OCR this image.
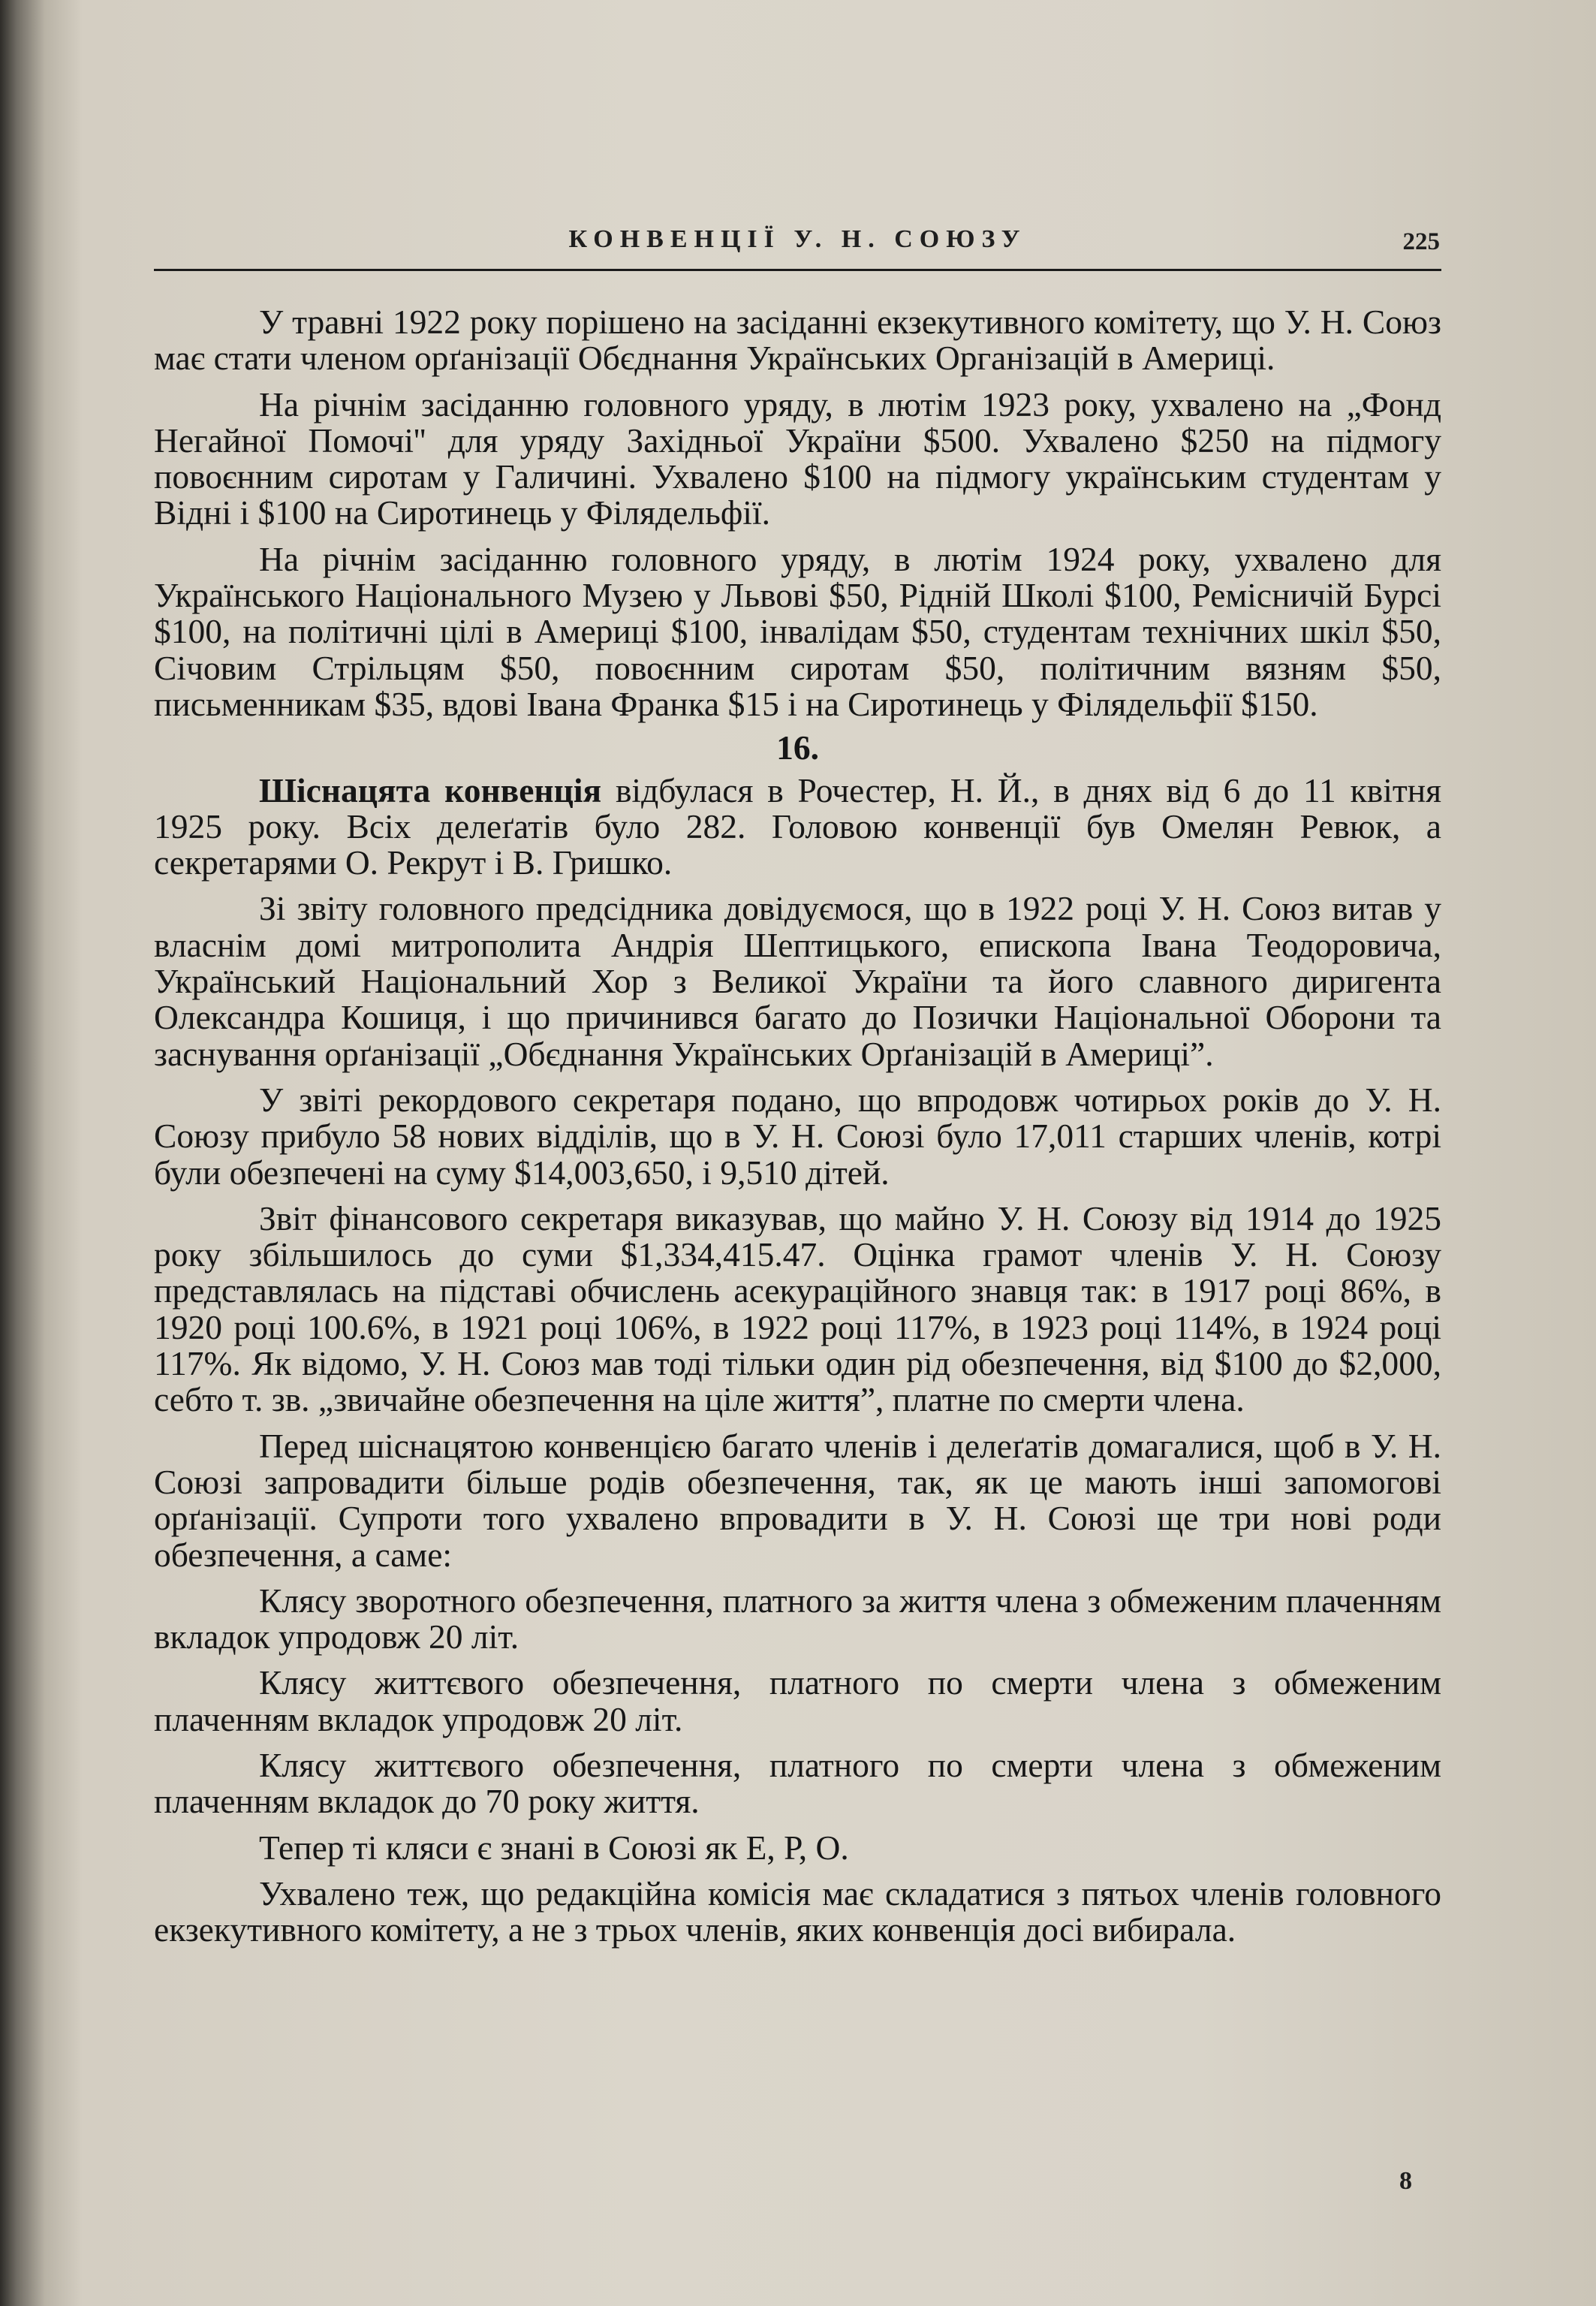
КОНВЕНЦІЇ У. Н. СОЮЗУ	225

У травні 1922 року порішено на засіданні екзекутивного комітету, що У. Н. Союз має стати членом орґанізації Обєднання Українських Організацій в Америці.

На річнім засіданню головного уряду, в лютім 1923 року, ухвалено на „Фонд Негайної Помочі'' для уряду Західньої України $500. Ухвалено $250 на підмогу повоєнним сиротам у Галичині. Ухвалено $100 на підмогу українським студентам у Відні і $100 на Сиротинець у Філядельфії.

На річнім засіданню головного уряду, в лютім 1924 року, ухвалено для Українського Національного Музею у Львові $50, Рідній Школі $100, Ремісничій Бурсі $100, на політичні цілі в Америці $100, інвалідам $50, студентам технічних шкіл $50, Січовим Стрільцям $50, повоєнним сиротам $50, політичним вязням $50, письменникам $35, вдові Івана Франка $15 і на Сиротинець у Філядельфії $150.

16.

Шіснацята конвенція відбулася в Рочестер, Н. Й., в днях від 6 до 11 квітня 1925 року. Всіх делеґатів було 282. Головою конвенції був Омелян Ревюк, а секретарями О. Рекрут і В. Гришко.

Зі звіту головного предсідника довідуємося, що в 1922 році У. Н. Союз витав у власнім домі митрополита Андрія Шептицького, епископа Івана Теодоровича, Український Національний Хор з Великої України та його славного диригента Олександра Кошиця, і що причинився багато до Позички Національної Оборони та заснування орґанізації „Обєднання Українських Орґанізацій в Америці”.

У звіті рекордового секретаря подано, що впродовж чотирьох років до У. Н. Союзу прибуло 58 нових відділів, що в У. Н. Союзі було 17,011 старших членів, котрі були обезпечені на суму $14,003,650, і 9,510 дітей.

Звіт фінансового секретаря виказував, що майно У. Н. Союзу від 1914 до 1925 року збільшилось до суми $1,334,415.47. Оцінка грамот членів У. Н. Союзу представлялась на підставі обчислень асекураційного знавця так: в 1917 році 86%, в 1920 році 100.6%, в 1921 році 106%, в 1922 році 117%, в 1923 році 114%, в 1924 році 117%. Як відомо, У. Н. Союз мав тоді тільки один рід обезпечення, від $100 до $2,000, себто т. зв. „звичайне обезпечення на ціле життя”, платне по смерти члена.

Перед шіснацятою конвенцією багато членів і делеґатів домагалися, щоб в У. Н. Союзі запровадити більше родів обезпечення, так, як це мають інші запомогові орґанізації. Супроти того ухвалено впровадити в У. Н. Союзі ще три нові роди обезпечення, а саме:

Клясу зворотного обезпечення, платного за життя члена з обмеженим плаченням вкладок упродовж 20 літ.

Клясу життєвого обезпечення, платного по смерти члена з обмеженим плаченням вкладок упродовж 20 літ.

Клясу життєвого обезпечення, платного по смерти члена з обмеженим плаченням вкладок до 70 року життя.

Тепер ті кляси є знані в Союзі як Е, Р, О.

Ухвалено теж, що редакційна комісія має складатися з пятьох членів головного екзекутивного комітету, а не з трьох членів, яких конвенція досі вибирала.

8
